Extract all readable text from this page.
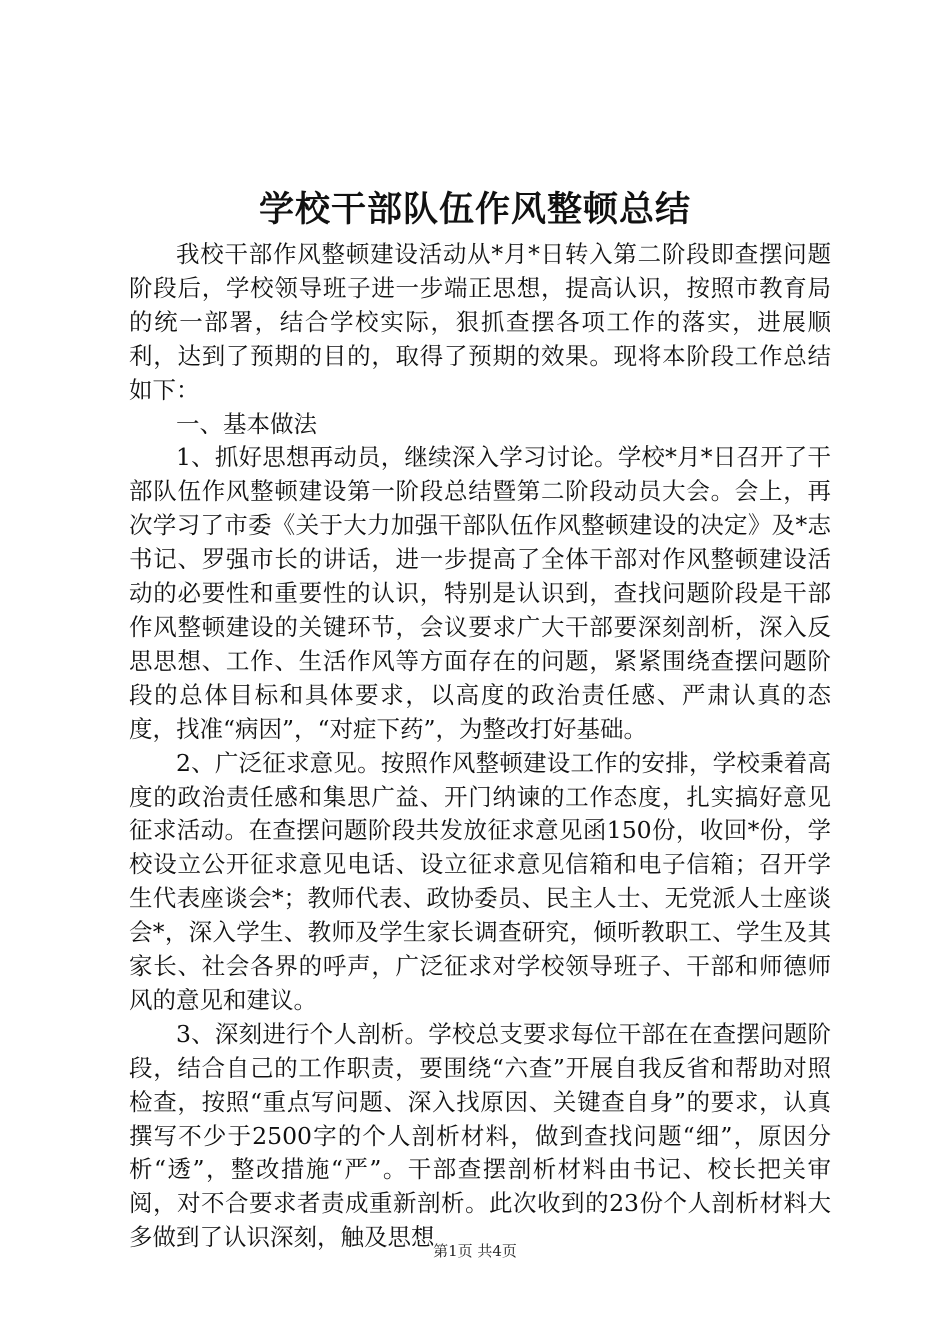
学校干部队伍作风整顿总结

我校干部作风整顿建设活动从*月*日转入第二阶段即查摆问题阶段后，学校领导班子进一步端正思想，提高认识，按照市教育局的统一部署，结合学校实际，狠抓查摆各项工作的落实，进展顺利，达到了预期的目的，取得了预期的效果。现将本阶段工作总结如下：

一、基本做法

1、抓好思想再动员，继续深入学习讨论。学校*月*日召开了干部队伍作风整顿建设第一阶段总结暨第二阶段动员大会。会上，再次学习了市委《关于大力加强干部队伍作风整顿建设的决定》及*志书记、罗强市长的讲话，进一步提高了全体干部对作风整顿建设活动的必要性和重要性的认识，特别是认识到，查找问题阶段是干部作风整顿建设的关键环节，会议要求广大干部要深刻剖析，深入反思思想、工作、生活作风等方面存在的问题，紧紧围绕查摆问题阶段的总体目标和具体要求，以高度的政治责任感、严肃认真的态度，找准“病因”，“对症下药”，为整改打好基础。

2、广泛征求意见。按照作风整顿建设工作的安排，学校秉着高度的政治责任感和集思广益、开门纳谏的工作态度，扎实搞好意见征求活动。在查摆问题阶段共发放征求意见函150份，收回*份，学校设立公开征求意见电话、设立征求意见信箱和电子信箱；召开学生代表座谈会*；教师代表、政协委员、民主人士、无党派人士座谈会*，深入学生、教师及学生家长调查研究，倾听教职工、学生及其家长、社会各界的呼声，广泛征求对学校领导班子、干部和师德师风的意见和建议。

3、深刻进行个人剖析。学校总支要求每位干部在在查摆问题阶段，结合自己的工作职责，要围绕“六查”开展自我反省和帮助对照检查，按照“重点写问题、深入找原因、关键查自身”的要求，认真撰写不少于2500字的个人剖析材料，做到查找问题“细”，原因分析“透”，整改措施“严”。干部查摆剖析材料由书记、校长把关审阅，对不合要求者责成重新剖析。此次收到的23份个人剖析材料大多做到了认识深刻，触及思想

第1页 共4页
